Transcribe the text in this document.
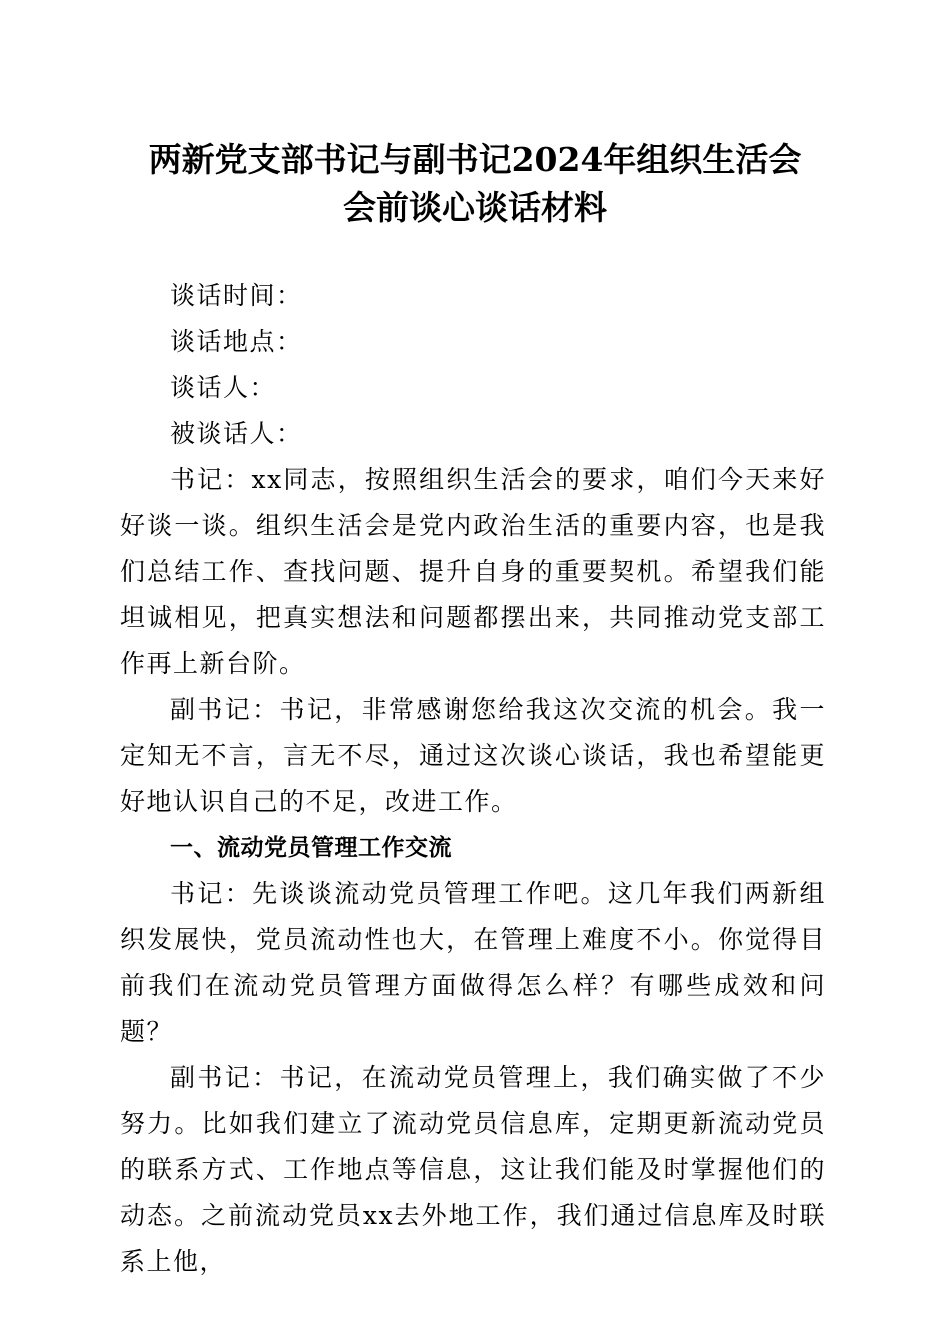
两新党支部书记与副书记2024年组织生活会
会前谈心谈话材料

谈话时间：

谈话地点：

谈话人：

被谈话人：

书记：xx同志，按照组织生活会的要求，咱们今天来好好谈一谈。组织生活会是党内政治生活的重要内容，也是我们总结工作、查找问题、提升自身的重要契机。希望我们能坦诚相见，把真实想法和问题都摆出来，共同推动党支部工作再上新台阶。

副书记：书记，非常感谢您给我这次交流的机会。我一定知无不言，言无不尽，通过这次谈心谈话，我也希望能更好地认识自己的不足，改进工作。

一、流动党员管理工作交流

书记：先谈谈流动党员管理工作吧。这几年我们两新组织发展快，党员流动性也大，在管理上难度不小。你觉得目前我们在流动党员管理方面做得怎么样？有哪些成效和问题？

副书记：书记，在流动党员管理上，我们确实做了不少努力。比如我们建立了流动党员信息库，定期更新流动党员的联系方式、工作地点等信息，这让我们能及时掌握他们的动态。之前流动党员xx去外地工作，我们通过信息库及时联系上他，
